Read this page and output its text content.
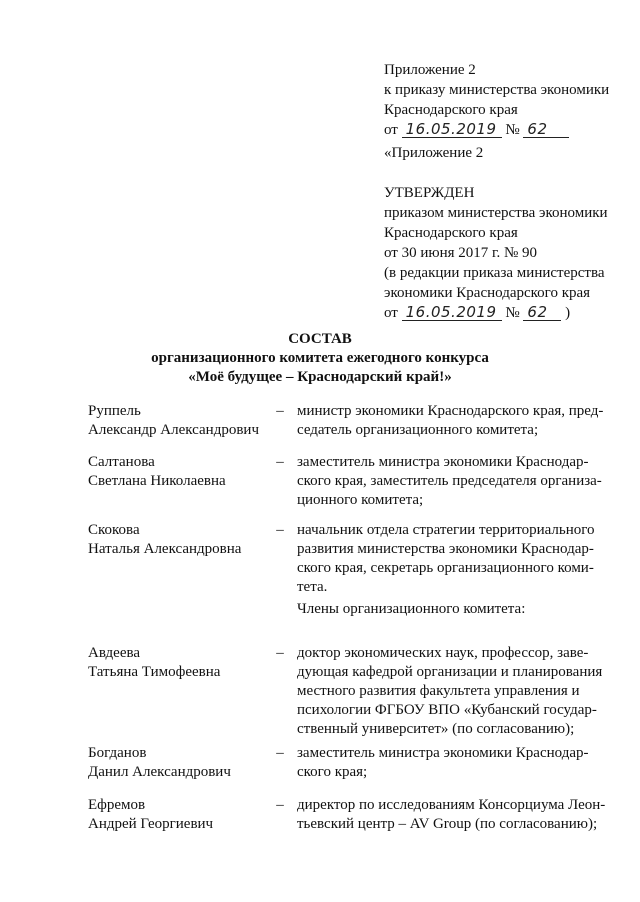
Приложение 2
к приказу министерства экономики
Краснодарского края
от 16.05.2019 № 62
«Приложение 2
УТВЕРЖДЕН
приказом министерства экономики
Краснодарского края
от 30 июня 2017 г. № 90
(в редакции приказа министерства
экономики Краснодарского края
от 16.05.2019 № 62 )
СОСТАВ
организационного комитета ежегодного конкурса
«Моё будущее – Краснодарский край!»
Руппель
Александр Александрович
– министр экономики Краснодарского края, пред-
седатель организационного комитета;
Салтанова
Светлана Николаевна
– заместитель министра экономики Краснодар-
ского края, заместитель председателя организа-
ционного комитета;
Скокова
Наталья Александровна
– начальник отдела стратегии территориального
развития министерства экономики Краснодар-
ского края, секретарь организационного коми-
тета.
Члены организационного комитета:
Авдеева
Татьяна Тимофеевна
– доктор экономических наук, профессор, заве-
дующая кафедрой организации и планирования
местного развития факультета управления и
психологии ФГБОУ ВПО «Кубанский государ-
ственный университет» (по согласованию);
Богданов
Данил Александрович
– заместитель министра экономики Краснодар-
ского края;
Ефремов
Андрей Георгиевич
– директор по исследованиям Консорциума Леон-
тьевский центр – AV Group (по согласованию);
